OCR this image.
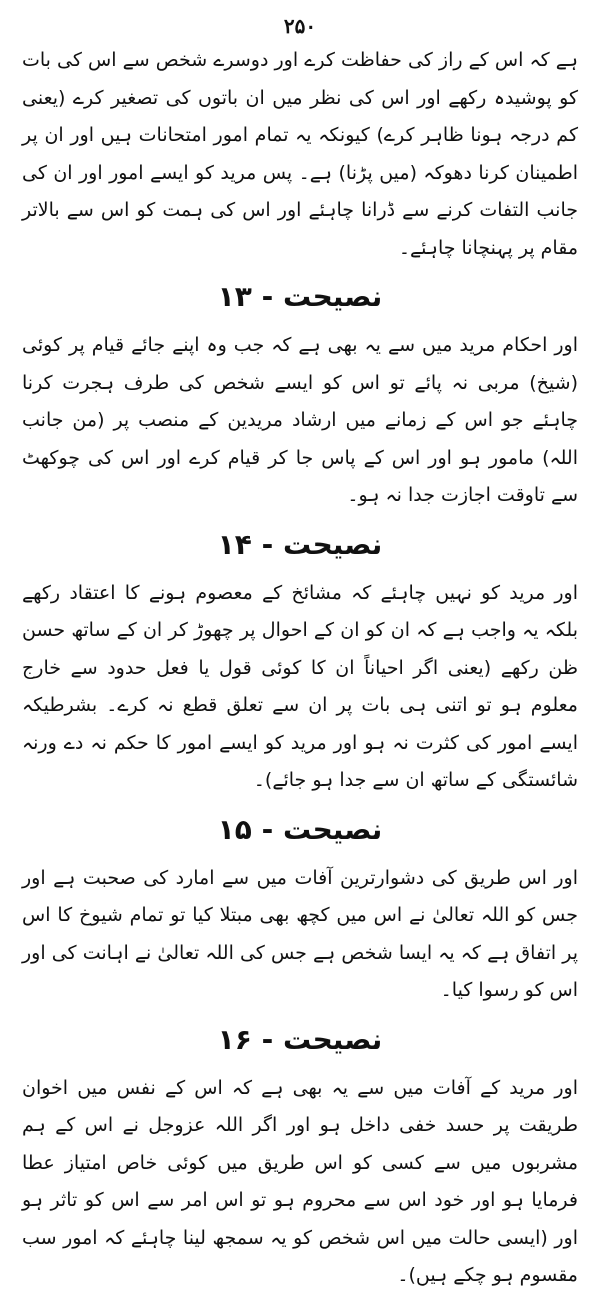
۲۵۰

ہے کہ اس کے راز کی حفاظت کرے اور دوسرے شخص سے اس کی بات کو پوشیدہ رکھے اور اس کی نظر میں ان باتوں کی تصغیر کرے (یعنی کم درجہ ہونا ظاہر کرے) کیونکہ یہ تمام امور امتحانات ہیں اور ان پر اطمینان کرنا دھوکہ (میں پڑنا) ہے۔ پس مرید کو ایسے امور اور ان کی جانب التفات کرنے سے ڈرانا چاہئے اور اس کی ہمت کو اس سے بالاتر مقام پر پہنچانا چاہئے۔

نصیحت - ۱۳

اور احکام مرید میں سے یہ بھی ہے کہ جب وہ اپنے جائے قیام پر کوئی (شیخ) مربی نہ پائے تو اس کو ایسے شخص کی طرف ہجرت کرنا چاہئے جو اس کے زمانے میں ارشاد مریدین کے منصب پر (من جانب اللہ) مامور ہو اور اس کے پاس جا کر قیام کرے اور اس کی چوکھٹ سے تاوقت اجازت جدا نہ ہو۔

نصیحت - ۱۴

اور مرید کو نہیں چاہئے کہ مشائخ کے معصوم ہونے کا اعتقاد رکھے بلکہ یہ واجب ہے کہ ان کو ان کے احوال پر چھوڑ کر ان کے ساتھ حسن ظن رکھے (یعنی اگر احیاناً ان کا کوئی قول یا فعل حدود سے خارج معلوم ہو تو اتنی ہی بات پر ان سے تعلق قطع نہ کرے۔ بشرطیکہ ایسے امور کی کثرت نہ ہو اور مرید کو ایسے امور کا حکم نہ دے ورنہ شائستگی کے ساتھ ان سے جدا ہو جائے)۔

نصیحت - ۱۵

اور اس طریق کی دشوارترین آفات میں سے امارد کی صحبت ہے اور جس کو اللہ تعالیٰ نے اس میں کچھ بھی مبتلا کیا تو تمام شیوخ کا اس پر اتفاق ہے کہ یہ ایسا شخص ہے جس کی اللہ تعالیٰ نے اہانت کی اور اس کو رسوا کیا۔

نصیحت - ۱۶

اور مرید کے آفات میں سے یہ بھی ہے کہ اس کے نفس میں اخوان طریقت پر حسد خفی داخل ہو اور اگر اللہ عزوجل نے اس کے ہم مشربوں میں سے کسی کو اس طریق میں کوئی خاص امتیاز عطا فرمایا ہو اور خود اس سے محروم ہو تو اس امر سے اس کو تاثر ہو اور (ایسی حالت میں اس شخص کو یہ سمجھ لینا چاہئے کہ امور سب مقسوم ہو چکے ہیں)۔
